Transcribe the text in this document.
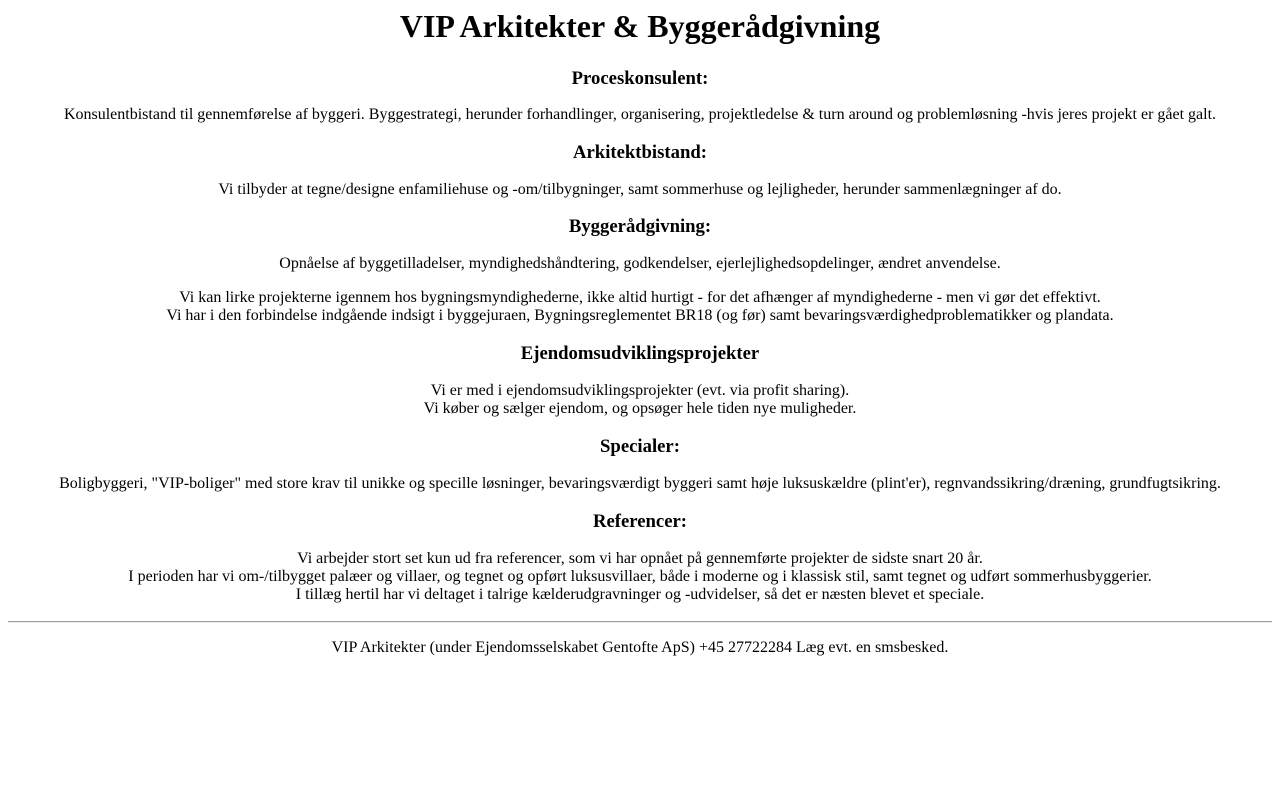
VIP Arkitekter & Byggerådgivning
Proceskonsulent:

Konsulentbistand til gennemførelse af byggeri. Byggestrategi, herunder forhandlinger, organisering, projektledelse & turn around og problemløsning -hvis jeres projekt er gået galt.

Arkitektbistand:

Vi tilbyder at tegne/designe enfamiliehuse og -om/tilbygninger, samt sommerhuse og lejligheder, herunder sammenlægninger af do.

Byggerådgivning:

Opnåelse af byggetilladelser, myndighedshåndtering, godkendelser, ejerlejlighedsopdelinger, ændret anvendelse.

Vi kan lirke projekterne igennem hos bygningsmyndighederne, ikke altid hurtigt - for det afhænger af myndighederne - men vi gør det effektivt.
Vi har i den forbindelse indgående indsigt i byggejuraen, Bygningsreglementet BR18 (og før) samt bevaringsværdighedproblematikker og plandata.

Ejendomsudviklingsprojekter

Vi er med i ejendomsudviklingsprojekter (evt. via profit sharing).
Vi køber og sælger ejendom, og opsøger hele tiden nye muligheder.

Specialer:

Boligbyggeri, "VIP-boliger" med store krav til unikke og specille løsninger, bevaringsværdigt byggeri samt høje luksuskældre (plint'er), regnvandssikring/dræning, grundfugtsikring.

Referencer:

Vi arbejder stort set kun ud fra referencer, som vi har opnået på gennemførte projekter de sidste snart 20 år.
I perioden har vi om-/tilbygget palæer og villaer, og tegnet og opført luksusvillaer, både i moderne og i klassisk stil, samt tegnet og udført sommerhusbyggerier.
I tillæg hertil har vi deltaget i talrige kælderudgravninger og -udvidelser, så det er næsten blevet et speciale.

VIP Arkitekter (under Ejendomsselskabet Gentofte ApS) +45 27722284 Læg evt. en smsbesked.
